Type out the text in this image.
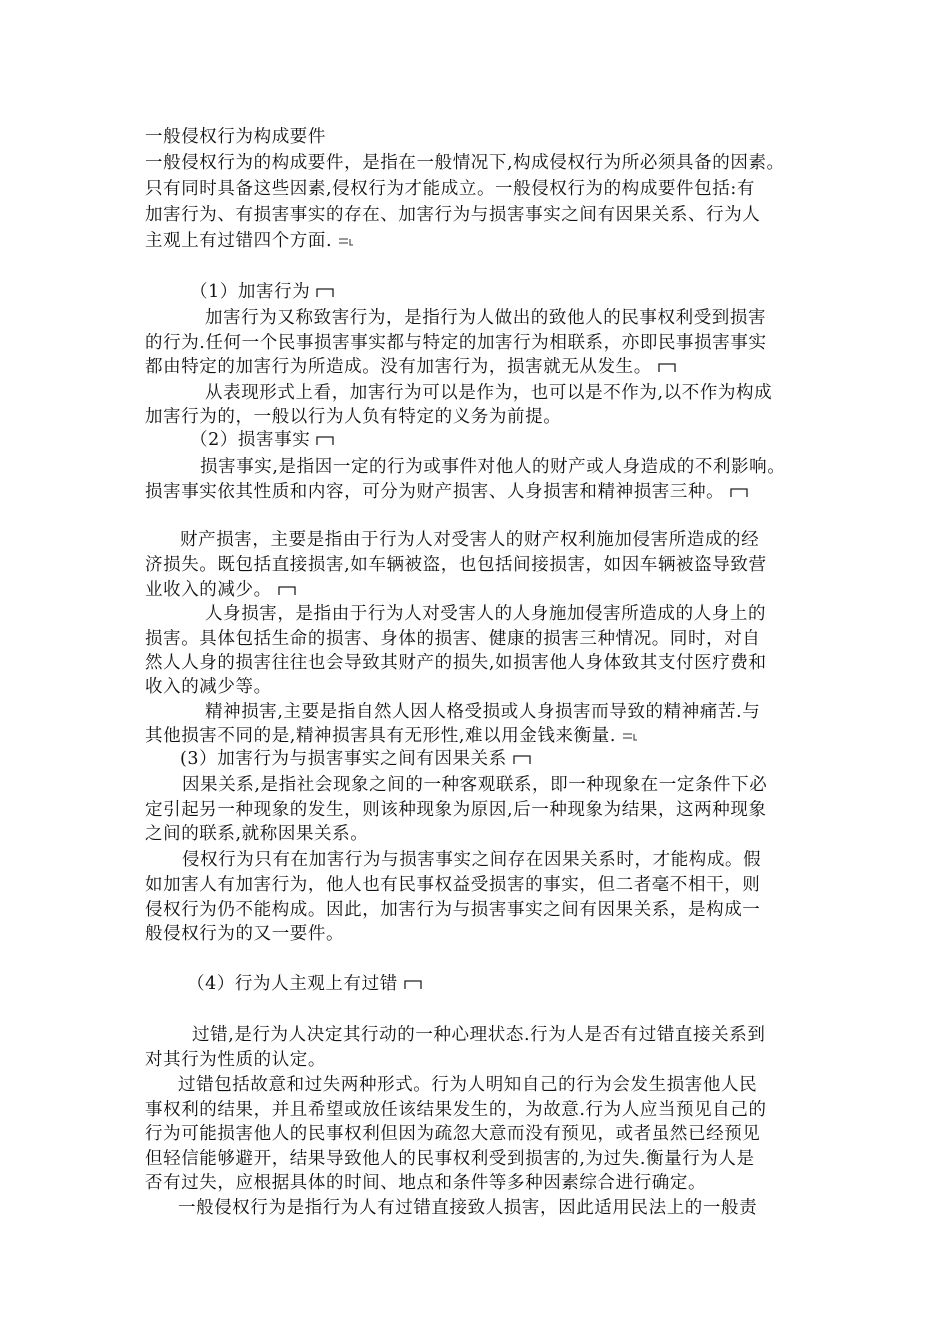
一般侵权行为构成要件
一般侵权行为的构成要件，是指在一般情况下,构成侵权行为所必须具备的因素。
只有同时具备这些因素,侵权行为才能成立。一般侵权行为的构成要件包括:有
加害行为、有损害事实的存在、加害行为与损害事实之间有因果关系、行为人
主观上有过错四个方面.
（1）加害行为
加害行为又称致害行为，是指行为人做出的致他人的民事权利受到损害
的行为.任何一个民事损害事实都与特定的加害行为相联系，亦即民事损害事实
都由特定的加害行为所造成。没有加害行为，损害就无从发生。
从表现形式上看，加害行为可以是作为，也可以是不作为,以不作为构成
加害行为的，一般以行为人负有特定的义务为前提。
（2）损害事实
损害事实,是指因一定的行为或事件对他人的财产或人身造成的不利影响。
损害事实依其性质和内容，可分为财产损害、人身损害和精神损害三种。
财产损害，主要是指由于行为人对受害人的财产权利施加侵害所造成的经
济损失。既包括直接损害,如车辆被盗，也包括间接损害，如因车辆被盗导致营
业收入的减少。
人身损害，是指由于行为人对受害人的人身施加侵害所造成的人身上的
损害。具体包括生命的损害、身体的损害、健康的损害三种情况。同时，对自
然人人身的损害往往也会导致其财产的损失,如损害他人身体致其支付医疗费和
收入的减少等。
精神损害,主要是指自然人因人格受损或人身损害而导致的精神痛苦.与
其他损害不同的是,精神损害具有无形性,难以用金钱来衡量.
(3）加害行为与损害事实之间有因果关系
因果关系,是指社会现象之间的一种客观联系，即一种现象在一定条件下必
定引起另一种现象的发生，则该种现象为原因,后一种现象为结果，这两种现象
之间的联系,就称因果关系。
侵权行为只有在加害行为与损害事实之间存在因果关系时，才能构成。假
如加害人有加害行为，他人也有民事权益受损害的事实，但二者毫不相干，则
侵权行为仍不能构成。因此，加害行为与损害事实之间有因果关系，是构成一
般侵权行为的又一要件。
（4）行为人主观上有过错
过错,是行为人决定其行动的一种心理状态.行为人是否有过错直接关系到
对其行为性质的认定。
过错包括故意和过失两种形式。行为人明知自己的行为会发生损害他人民
事权利的结果，并且希望或放任该结果发生的，为故意.行为人应当预见自己的
行为可能损害他人的民事权利但因为疏忽大意而没有预见，或者虽然已经预见
但轻信能够避开，结果导致他人的民事权利受到损害的,为过失.衡量行为人是
否有过失，应根据具体的时间、地点和条件等多种因素综合进行确定。
一般侵权行为是指行为人有过错直接致人损害，因此适用民法上的一般责
